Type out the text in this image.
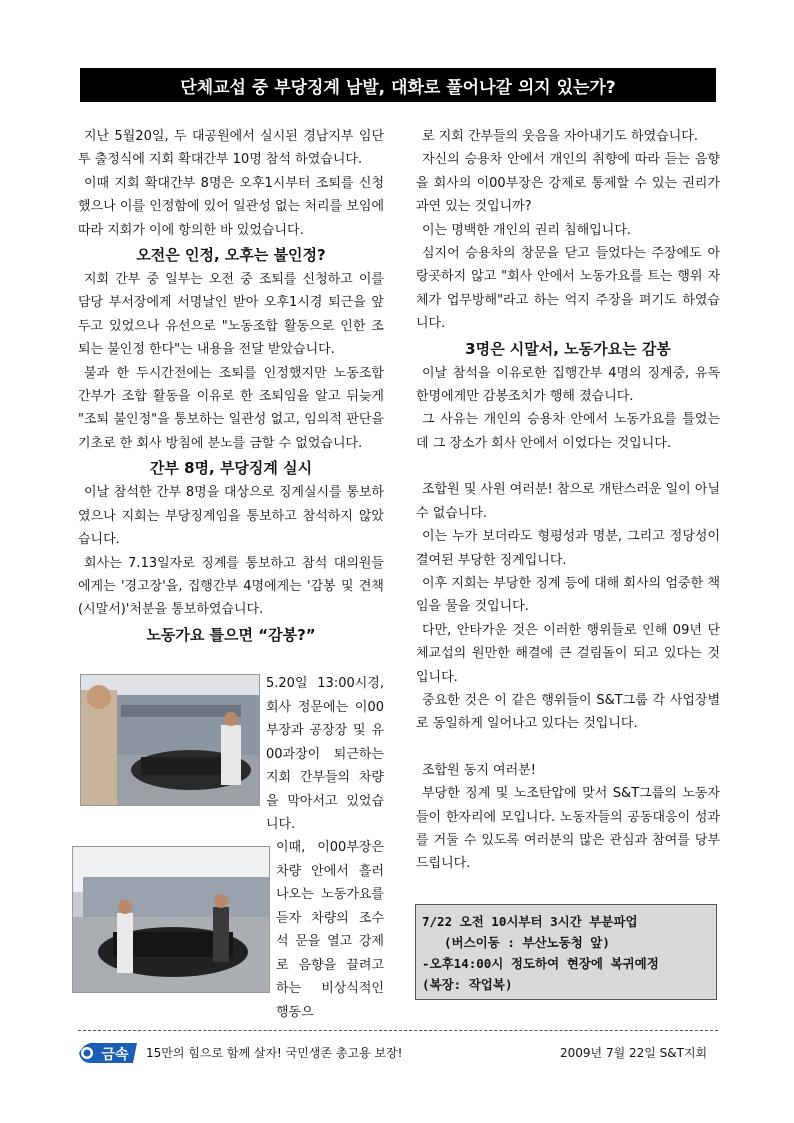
단체교섭 중 부당징계 남발, 대화로 풀어나갈 의지 있는가?

지난 5월20일, 두 대공원에서 실시된 경남지부 임단투 출정식에 지회 확대간부 10명 참석 하였습니다.

이때 지회 확대간부 8명은 오후1시부터 조퇴를 신청 했으나 이를 인정함에 있어 일관성 없는 처리를 보임에 따라 지회가 이에 항의한 바 있었습니다.

오전은 인정, 오후는 불인정?

지회 간부 중 일부는 오전 중 조퇴를 신청하고 이를 담당 부서장에게 서명날인 받아 오후1시경 퇴근을 앞두고 있었으나 유선으로 "노동조합 활동으로 인한 조퇴는 불인정 한다"는 내용을 전달 받았습니다.

불과 한 두시간전에는 조퇴를 인정했지만 노동조합 간부가 조합 활동을 이유로 한 조퇴임을 알고 뒤늦게 "조퇴 불인정"을 통보하는 일관성 없고, 임의적 판단을 기초로 한 회사 방침에 분노를 금할 수 없었습니다.

간부 8명, 부당징계 실시

이날 참석한 간부 8명을 대상으로 징계실시를 통보하였으나 지회는 부당징계임을 통보하고 참석하지 않았습니다.

회사는 7.13일자로 징계를 통보하고 참석 대의원들에게는 '경고장'을, 집행간부 4명에게는 '감봉 및 견책(시말서)'처분을 통보하였습니다.

노동가요 틀으면 “감봉?”
5.20일 13:00시경, 회사 정문에는 이00 부장과 공장장 및 유00과장이 퇴근하는 지회 간부들의 차량을 막아서고 있었습니다.
이때, 이00부장은 차량 안에서 흘러나오는 노동가요를 듣자 차량의 조수석 문을 열고 강제로 음향을 끌려고 하는 비상식적인 행동으

로 지회 간부들의 웃음을 자아내기도 하였습니다.

자신의 승용차 안에서 개인의 취향에 따라 듣는 음향을 회사의 이00부장은 강제로 통제할 수 있는 권리가 과연 있는 것입니까?

이는 명백한 개인의 권리 침해입니다.

심지어 승용차의 창문을 닫고 들었다는 주장에도 아랑곳하지 않고 "회사 안에서 노동가요를 트는 행위 자체가 업무방해"라고 하는 억지 주장을 펴기도 하였습니다.

3명은 시말서, 노동가요는 감봉

이날 참석을 이유로한 집행간부 4명의 징계중, 유독 한명에게만 감봉조치가 행해 졌습니다.

그 사유는 개인의 승용차 안에서 노동가요를 틀었는데 그 장소가 회사 안에서 이었다는 것입니다.

조합원 및 사원 여러분! 참으로 개탄스러운 일이 아닐 수 없습니다.

이는 누가 보더라도 형평성과 명분, 그리고 정당성이 결여된 부당한 징계입니다.

이후 지회는 부당한 징계 등에 대해 회사의 엄중한 책임을 물을 것입니다.

다만, 안타가운 것은 이러한 행위들로 인해 09년 단체교섭의 원만한 해결에 큰 걸림돌이 되고 있다는 것입니다.

중요한 것은 이 같은 행위들이 S&T그룹 각 사업장별로 동일하게 일어나고 있다는 것입니다.

조합원 동지 여러분!

부당한 징계 및 노조탄압에 맞서 S&T그룹의 노동자들이 한자리에 모입니다. 노동자들의 공동대응이 성과를 거둘 수 있도록 여러분의 많은 관심과 참여를 당부드립니다.

7/22 오전 10시부터 3시간 부분파업
(버스이동 : 부산노동청 앞)
-오후14:00시 정도하여 현장에 복귀예정
(복장: 작업복)
금속 15만의 힘으로 함께 살자! 국민생존 총고용 보장!	2009년 7월 22일 S&T지회
